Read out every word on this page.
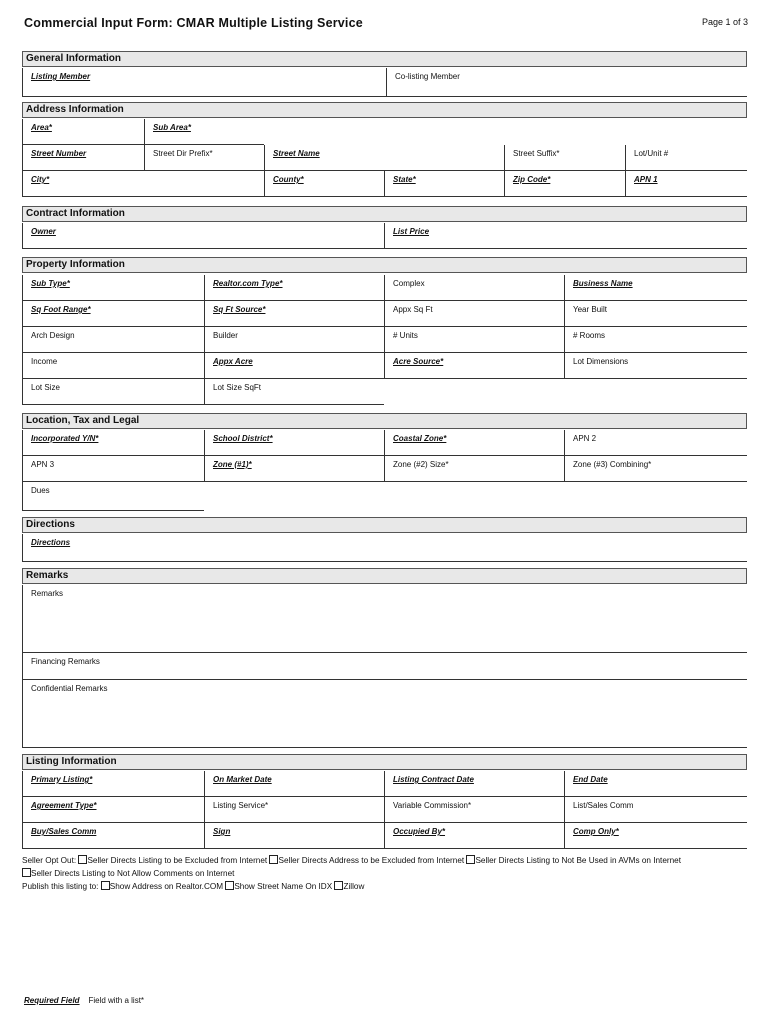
Commercial Input Form: CMAR Multiple Listing Service	Page 1 of 3
General Information
Listing Member	Co-listing Member
Address Information
Area*	Sub Area*
Street Number	Street Dir Prefix*	Street Name	Street Suffix*	Lot/Unit #
City*	County*	State*	Zip Code*	APN 1
Contract Information
Owner	List Price
Property Information
Sub Type*	Realtor.com Type*	Complex	Business Name
Sq Foot Range*	Sq Ft Source*	Appx Sq Ft	Year Built
Arch Design	Builder	# Units	# Rooms
Income	Appx Acre	Acre Source*	Lot Dimensions
Lot Size	Lot Size SqFt
Location, Tax and Legal
Incorporated Y/N*	School District*	Coastal Zone*	APN 2
APN 3	Zone (#1)*	Zone (#2) Size*	Zone (#3) Combining*
Dues
Directions
Directions
Remarks
Remarks
Financing Remarks
Confidential Remarks
Listing Information
Primary Listing*	On Market Date	Listing Contract Date	End Date
Agreement Type*	Listing Service*	Variable Commission*	List/Sales Comm
Buy/Sales Comm	Sign	Occupied By*	Comp Only*
Seller Opt Out: Seller Directs Listing to be Excluded from Internet Seller Directs Address to be Excluded from Internet Seller Directs Listing to Not Be Used in AVMs on Internet
Seller Directs Listing to Not Allow Comments on Internet
Publish this listing to: Show Address on Realtor.COM Show Street Name On IDX Zillow
Required Field Field with a list*
